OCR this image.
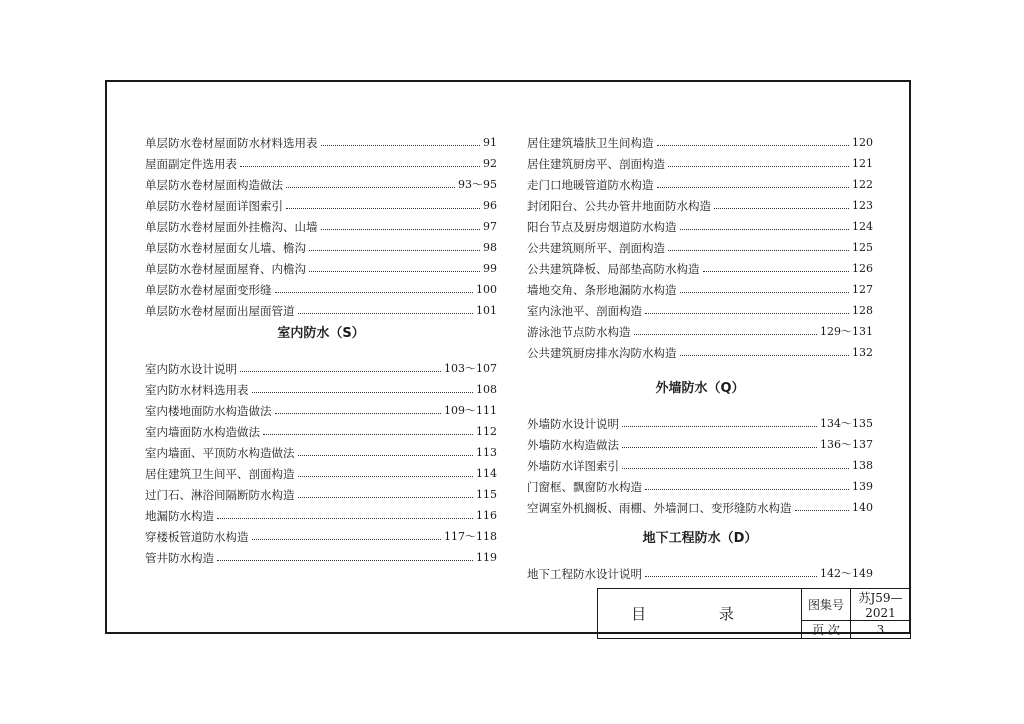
单层防水卷材屋面防水材料选用表	91
屋面副定件选用表	92
单层防水卷材屋面构造做法	93～95
单层防水卷材屋面详图索引	96
单层防水卷材屋面外挂檐沟、山墙	97
单层防水卷材屋面女儿墙、檐沟	98
单层防水卷材屋面屋脊、内檐沟	99
单层防水卷材屋面变形缝	100
单层防水卷材屋面出屋面管道	101
室内防水（S）
室内防水设计说明	103～107
室内防水材料选用表	108
室内楼地面防水构造做法	109～111
室内墙面防水构造做法	112
室内墙面、平顶防水构造做法	113
居住建筑卫生间平、剖面构造	114
过门石、淋浴间隔断防水构造	115
地漏防水构造	116
穿楼板管道防水构造	117～118
管井防水构造	119
居住建筑墙肤卫生间构造	120
居住建筑厨房平、剖面构造	121
走门口地暖管道防水构造	122
封闭阳台、公共办管井地面防水构造	123
阳台节点及厨房烟道防水构造	124
公共建筑厕所平、剖面构造	125
公共建筑降板、局部垫高防水构造	126
墙地交角、条形地漏防水构造	127
室内泳池平、剖面构造	128
游泳池节点防水构造	129～131
公共建筑厨房排水沟防水构造	132
外墙防水（Q）
外墙防水设计说明	134～135
外墙防水构造做法	136～137
外墙防水详图索引	138
门窗框、飘窗防水构造	139
空调室外机搁板、雨棚、外墙洞口、变形缝防水构造	140
地下工程防水（D）
地下工程防水设计说明	142～149
目 录	图集号	苏J59—2021
	页 次	3
